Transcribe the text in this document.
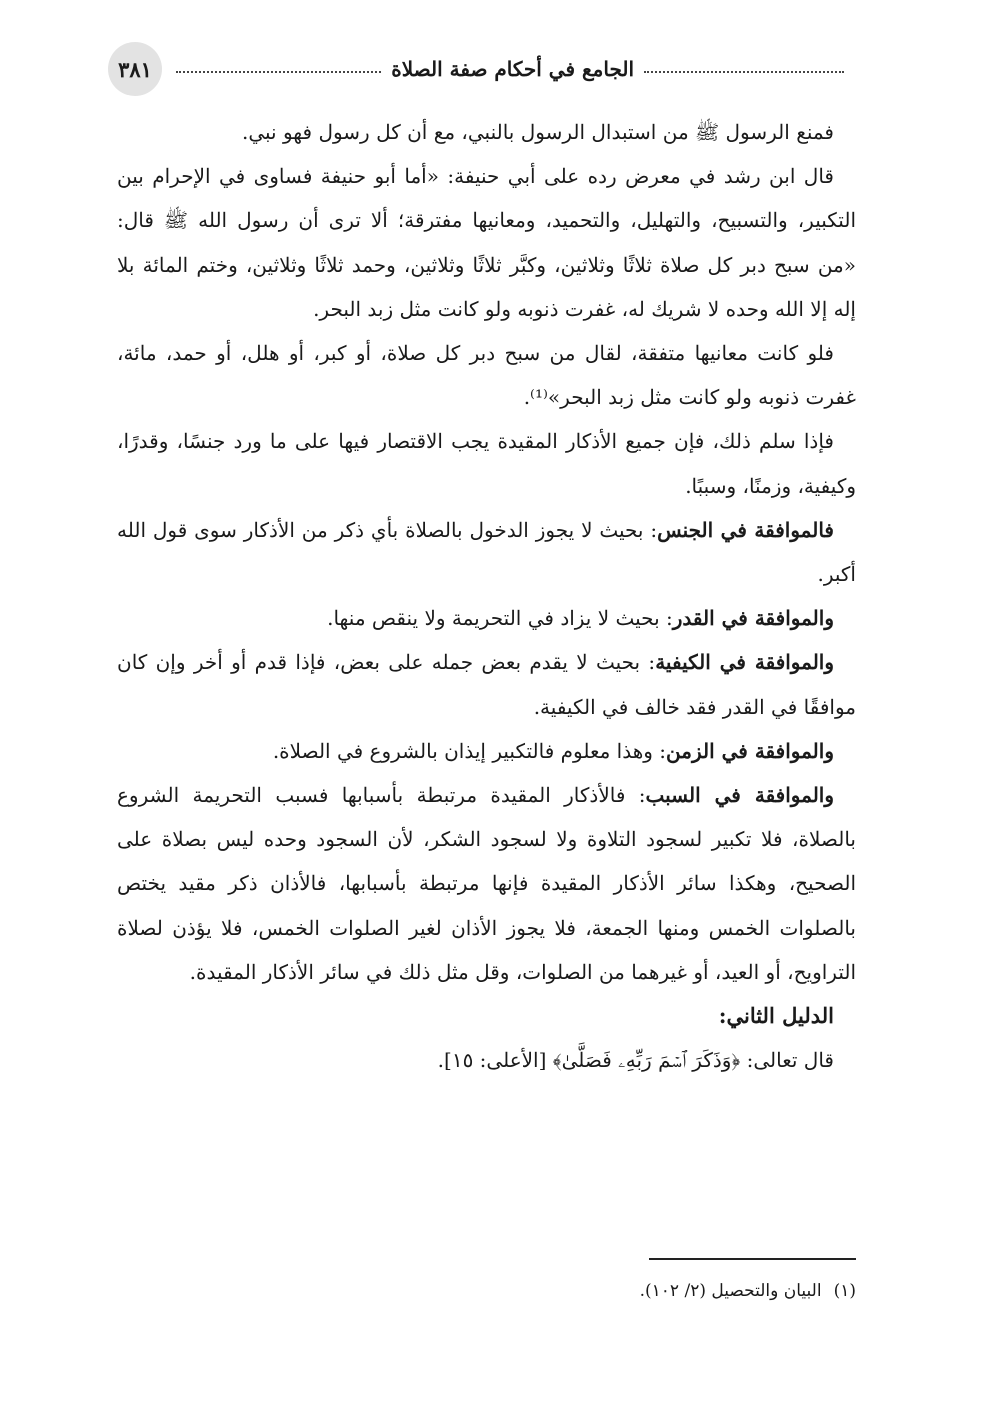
٣٨١	الجامع في أحكام صفة الصلاة

فمنع الرسول ﷺ من استبدال الرسول بالنبي، مع أن كل رسول فهو نبي.

قال ابن رشد في معرض رده على أبي حنيفة: «أما أبو حنيفة فساوى في الإحرام بين التكبير، والتسبيح، والتهليل، والتحميد، ومعانيها مفترقة؛ ألا ترى أن رسول الله ﷺ قال: «من سبح دبر كل صلاة ثلاثًا وثلاثين، وكبَّر ثلاثًا وثلاثين، وحمد ثلاثًا وثلاثين، وختم المائة بلا إله إلا الله وحده لا شريك له، غفرت ذنوبه ولو كانت مثل زبد البحر.

فلو كانت معانيها متفقة، لقال من سبح دبر كل صلاة، أو كبر، أو هلل، أو حمد، مائة، غفرت ذنوبه ولو كانت مثل زبد البحر»⁽¹⁾.

فإذا سلم ذلك، فإن جميع الأذكار المقيدة يجب الاقتصار فيها على ما ورد جنسًا، وقدرًا، وكيفية، وزمنًا، وسببًا.

فالموافقة في الجنس: بحيث لا يجوز الدخول بالصلاة بأي ذكر من الأذكار سوى قول الله أكبر.

والموافقة في القدر: بحيث لا يزاد في التحريمة ولا ينقص منها.

والموافقة في الكيفية: بحيث لا يقدم بعض جمله على بعض، فإذا قدم أو أخر وإن كان موافقًا في القدر فقد خالف في الكيفية.

والموافقة في الزمن: وهذا معلوم فالتكبير إيذان بالشروع في الصلاة.

والموافقة في السبب: فالأذكار المقيدة مرتبطة بأسبابها فسبب التحريمة الشروع بالصلاة، فلا تكبير لسجود التلاوة ولا لسجود الشكر، لأن السجود وحده ليس بصلاة على الصحيح، وهكذا سائر الأذكار المقيدة فإنها مرتبطة بأسبابها، فالأذان ذكر مقيد يختص بالصلوات الخمس ومنها الجمعة، فلا يجوز الأذان لغير الصلوات الخمس، فلا يؤذن لصلاة التراويح، أو العيد، أو غيرهما من الصلوات، وقل مثل ذلك في سائر الأذكار المقيدة.

الدليل الثاني:

قال تعالى: ﴿وَذَكَرَ ٱسۡمَ رَبِّهِۦ فَصَلَّىٰ﴾ [الأعلى: ١٥].

(١)البيان والتحصيل (٢/ ١٠٢).
